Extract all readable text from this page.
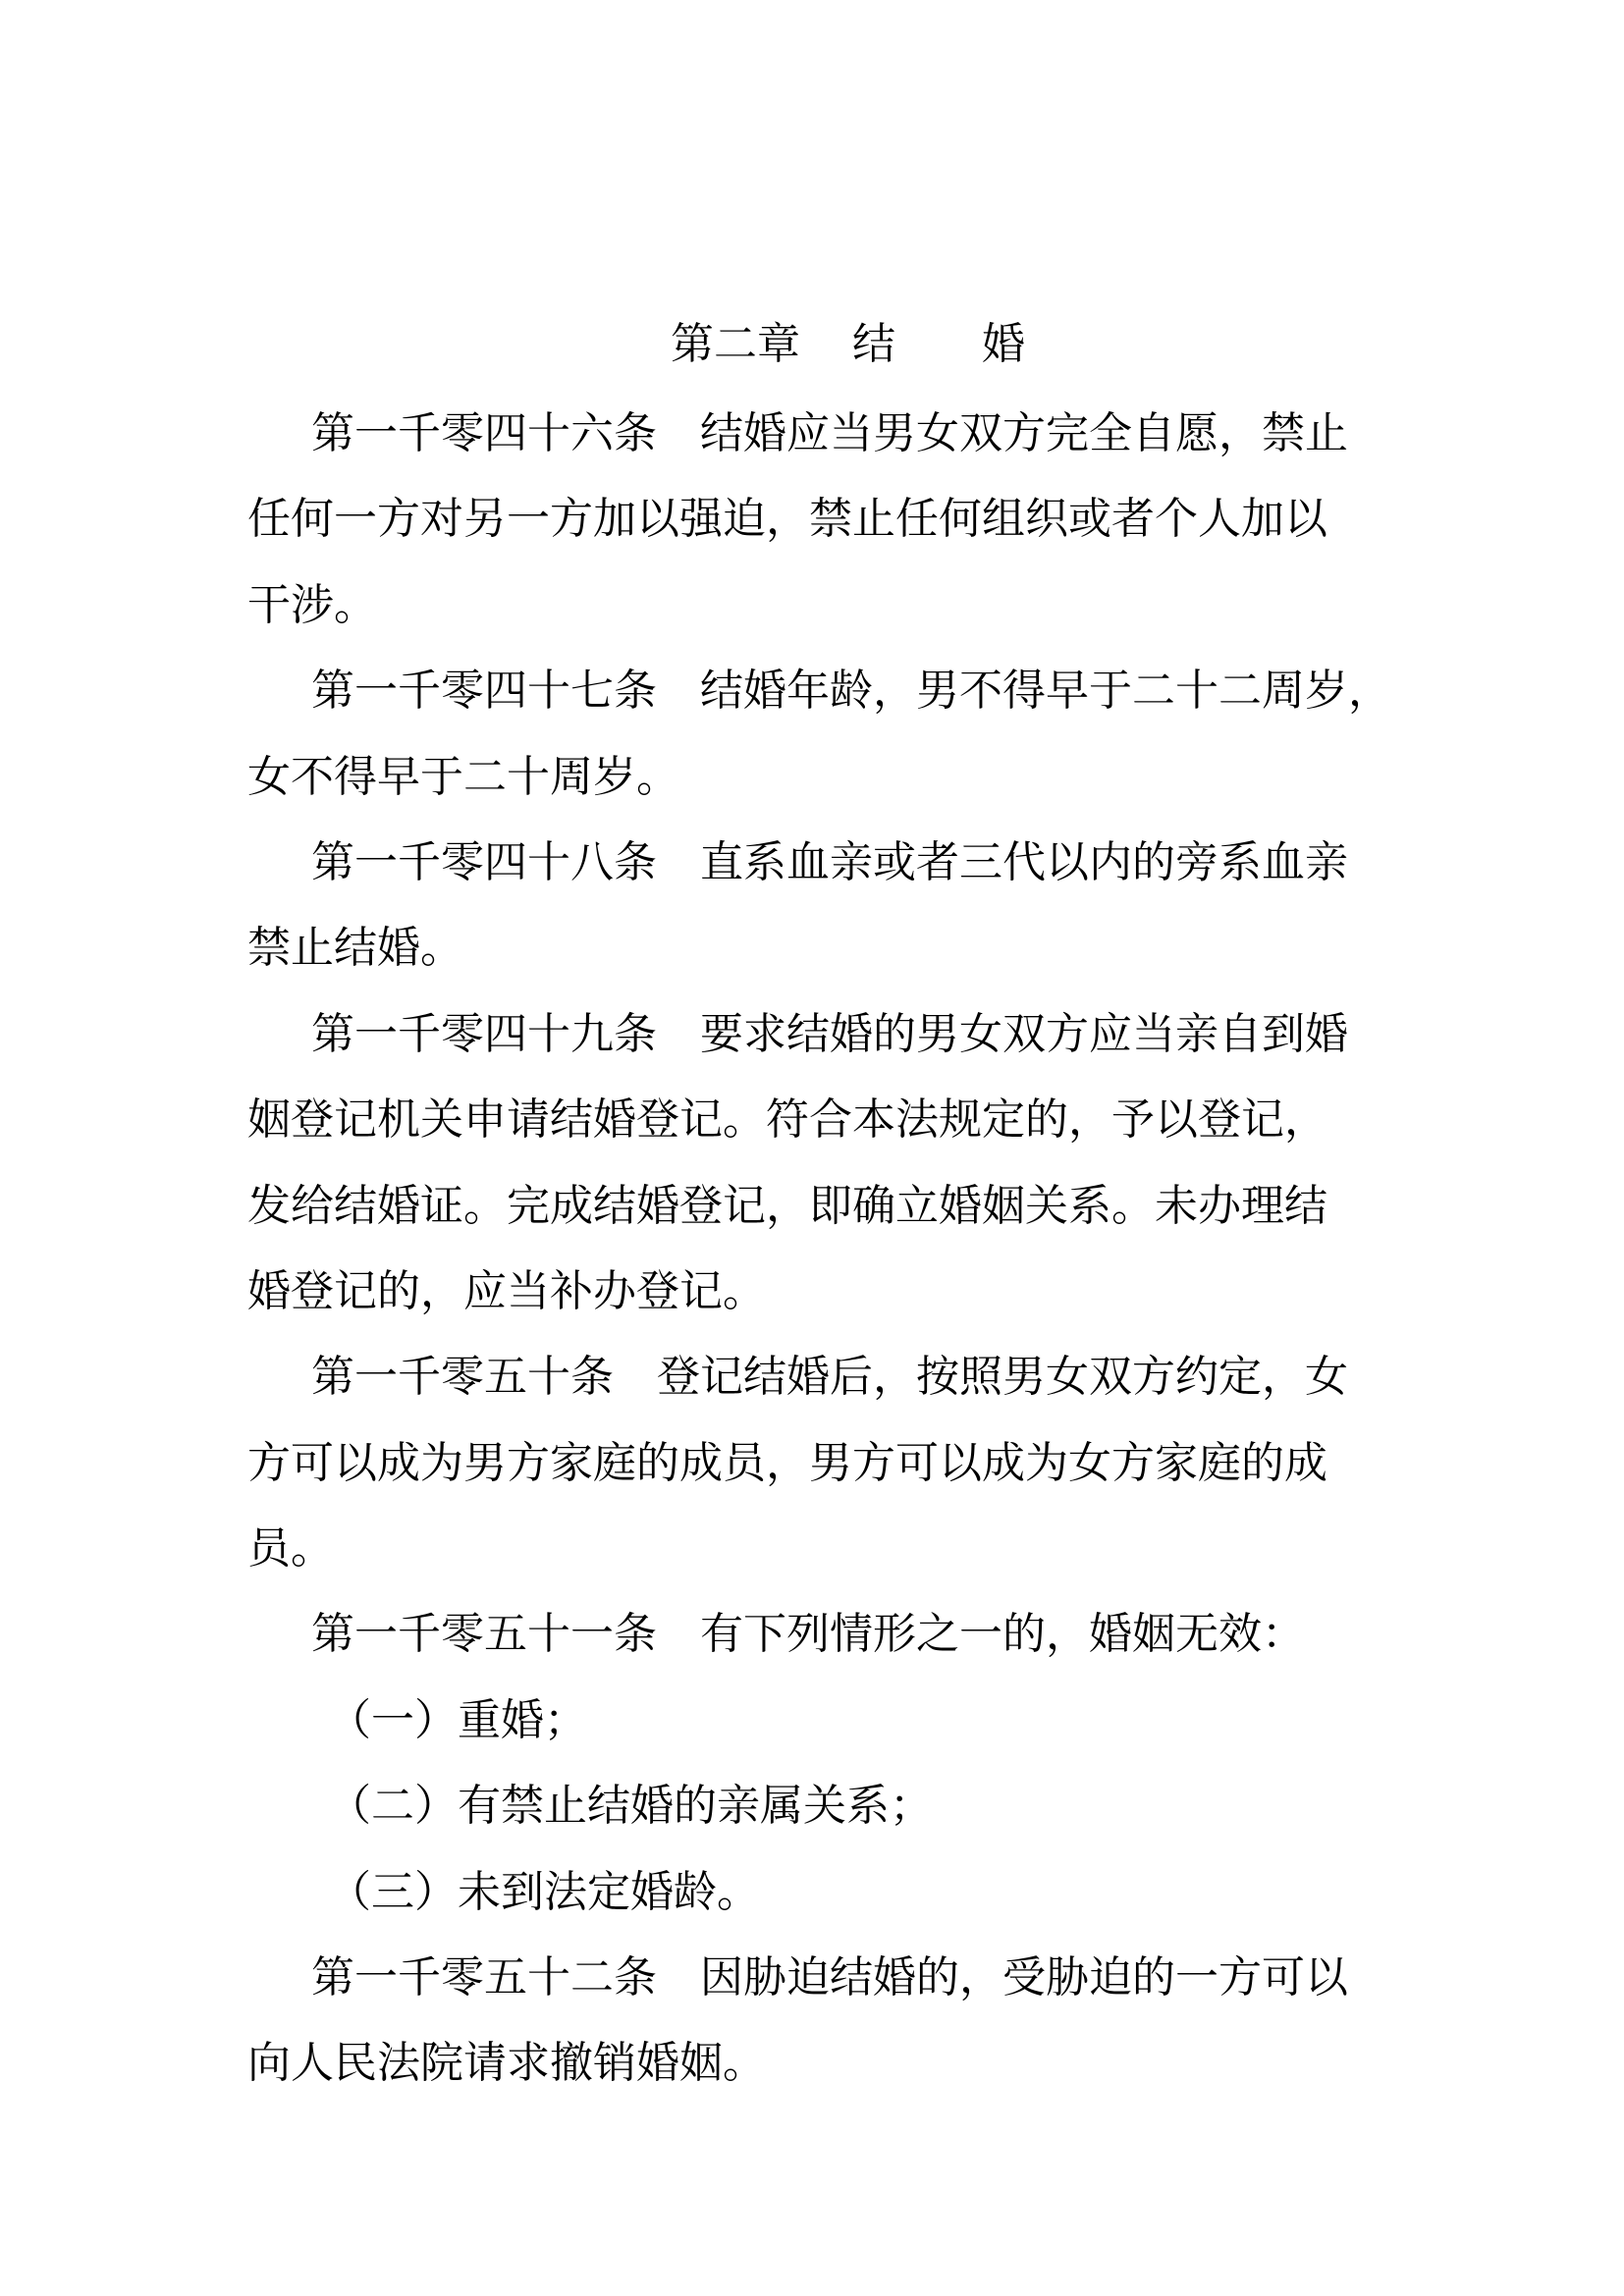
第二章

结

婚

第一千零四十六条　结婚应当男女双方完全自愿，禁止
任何一方对另一方加以强迫，禁止任何组织或者个人加以
干涉。
第一千零四十七条　结婚年龄，男不得早于二十二周岁，
女不得早于二十周岁。
第一千零四十八条　直系血亲或者三代以内的旁系血亲
禁止结婚。
第一千零四十九条　要求结婚的男女双方应当亲自到婚
姻登记机关申请结婚登记。符合本法规定的，予以登记，
发给结婚证。完成结婚登记，即确立婚姻关系。未办理结
婚登记的，应当补办登记。
第一千零五十条　登记结婚后，按照男女双方约定，女
方可以成为男方家庭的成员，男方可以成为女方家庭的成
员。
第一千零五十一条　有下列情形之一的，婚姻无效：
（一）重婚；
（二）有禁止结婚的亲属关系；
（三）未到法定婚龄。
第一千零五十二条　因胁迫结婚的，受胁迫的一方可以
向人民法院请求撤销婚姻。
